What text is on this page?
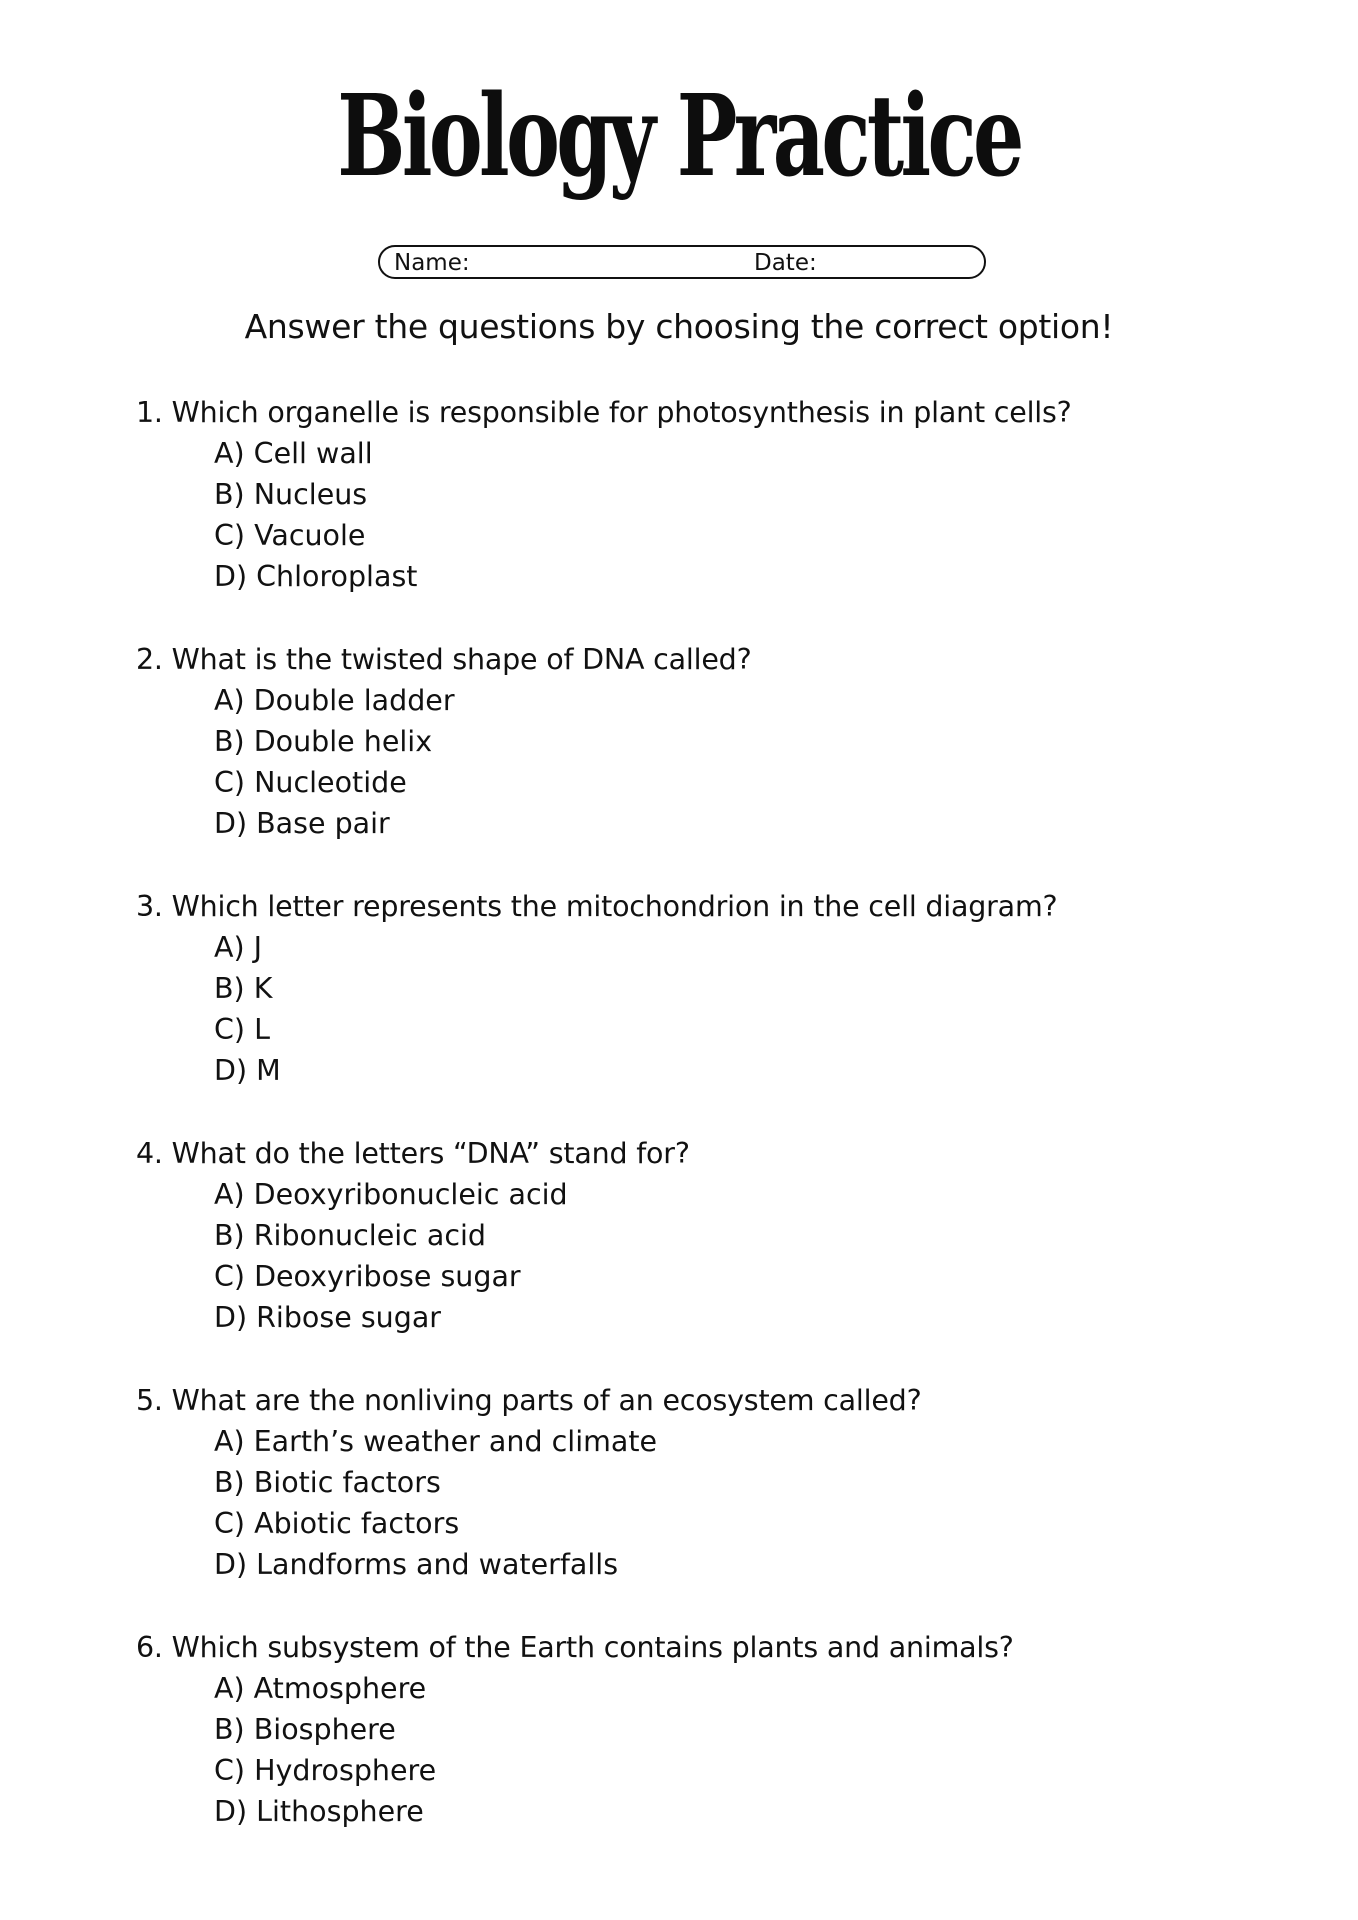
Biology Practice
Name:	Date:
Answer the questions by choosing the correct option!
1. Which organelle is responsible for photosynthesis in plant cells?
A) Cell wall
B) Nucleus
C) Vacuole
D) Chloroplast
2. What is the twisted shape of DNA called?
A) Double ladder
B) Double helix
C) Nucleotide
D) Base pair
3. Which letter represents the mitochondrion in the cell diagram?
A) J
B) K
C) L
D) M
4. What do the letters “DNA” stand for?
A) Deoxyribonucleic acid
B) Ribonucleic acid
C) Deoxyribose sugar
D) Ribose sugar
5. What are the nonliving parts of an ecosystem called?
A) Earth’s weather and climate
B) Biotic factors
C) Abiotic factors
D) Landforms and waterfalls
6. Which subsystem of the Earth contains plants and animals?
A) Atmosphere
B) Biosphere
C) Hydrosphere
D) Lithosphere
